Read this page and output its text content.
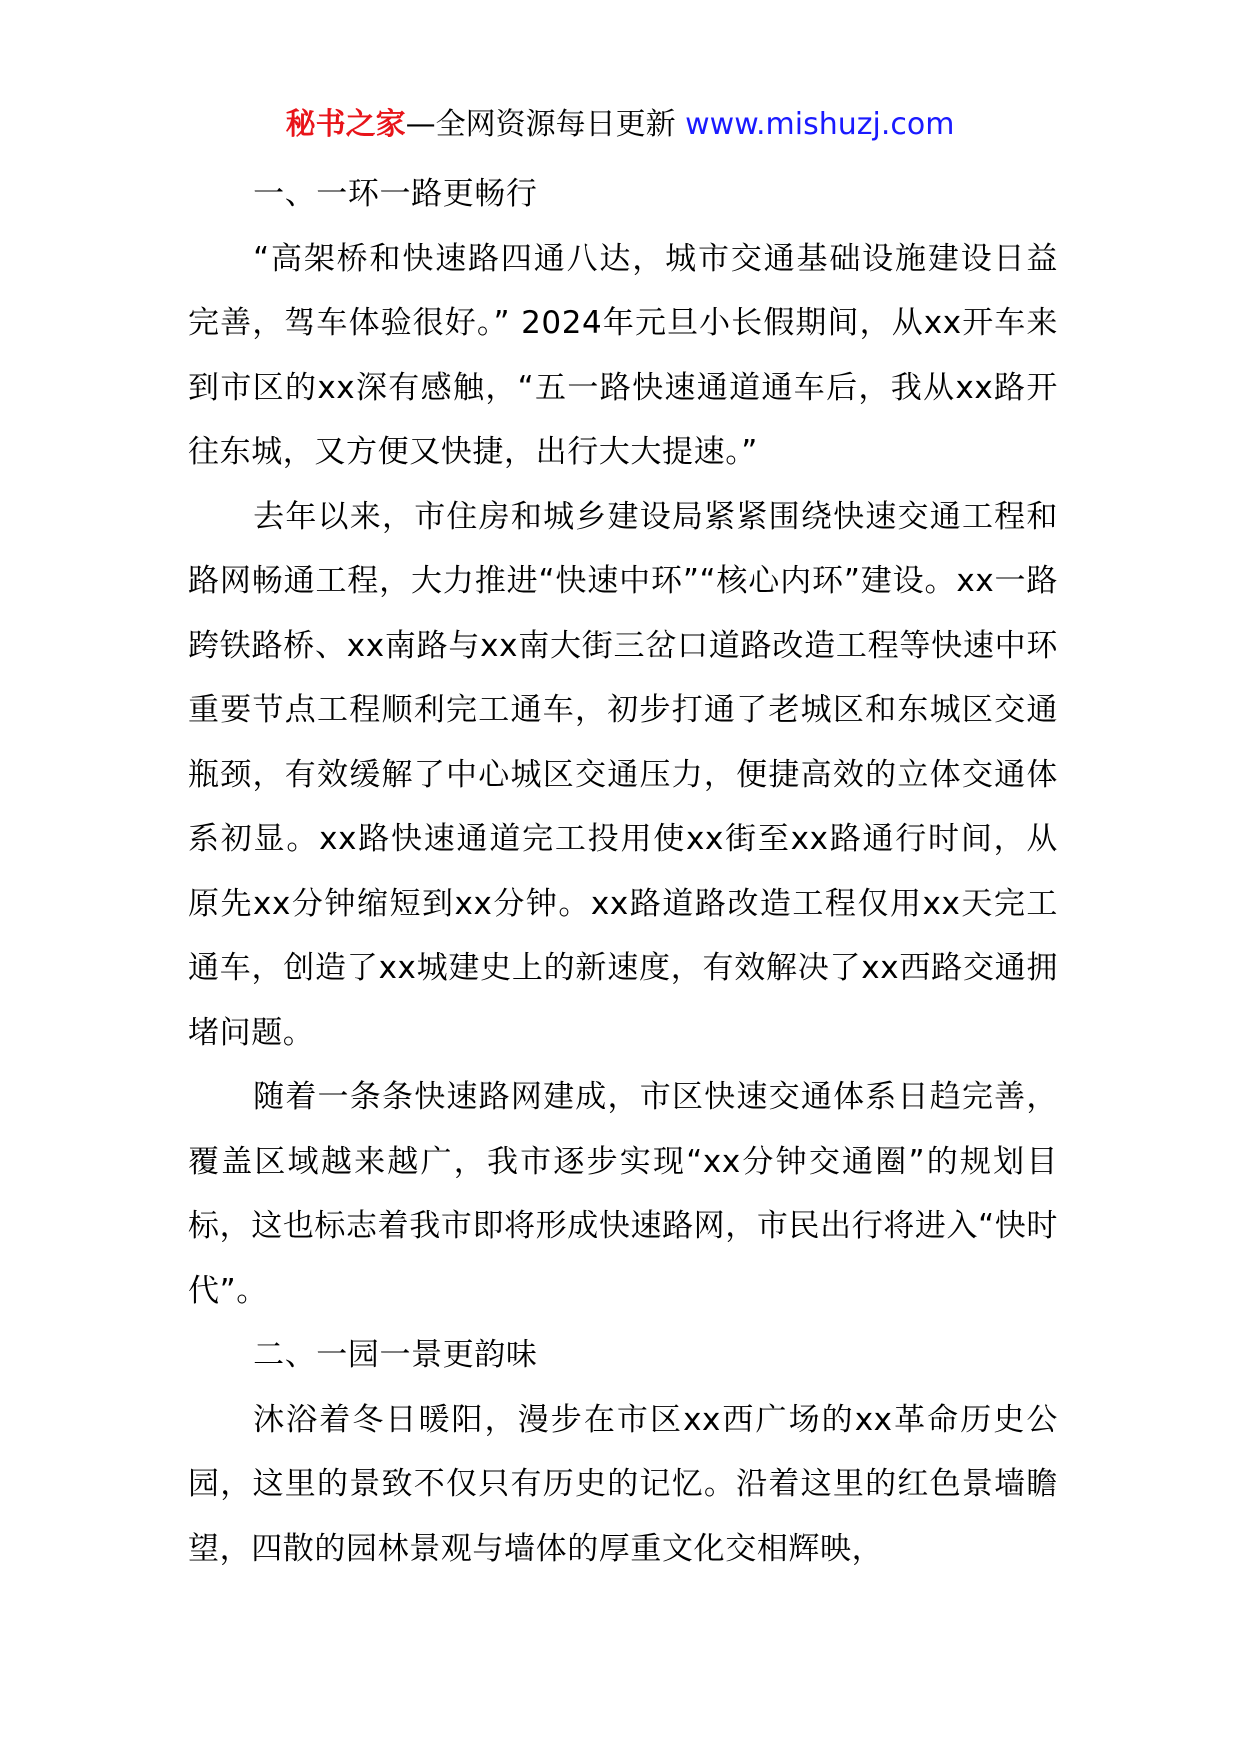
秘书之家—全网资源每日更新 www.mishuzj.com

一、一环一路更畅行

“高架桥和快速路四通八达，城市交通基础设施建设日益完善，驾车体验很好。” 2024年元旦小长假期间，从xx开车来到市区的xx深有感触，“五一路快速通道通车后，我从xx路开往东城，又方便又快捷，出行大大提速。”

去年以来，市住房和城乡建设局紧紧围绕快速交通工程和路网畅通工程，大力推进“快速中环”“核心内环”建设。xx一路跨铁路桥、xx南路与xx南大街三岔口道路改造工程等快速中环重要节点工程顺利完工通车，初步打通了老城区和东城区交通瓶颈，有效缓解了中心城区交通压力，便捷高效的立体交通体系初显。xx路快速通道完工投用使xx街至xx路通行时间，从原先xx分钟缩短到xx分钟。xx路道路改造工程仅用xx天完工通车，创造了xx城建史上的新速度，有效解决了xx西路交通拥堵问题。

随着一条条快速路网建成，市区快速交通体系日趋完善，覆盖区域越来越广，我市逐步实现“xx分钟交通圈”的规划目标，这也标志着我市即将形成快速路网，市民出行将进入“快时代”。

二、一园一景更韵味

沐浴着冬日暖阳，漫步在市区xx西广场的xx革命历史公园，这里的景致不仅只有历史的记忆。沿着这里的红色景墙瞻望，四散的园林景观与墙体的厚重文化交相辉映，
